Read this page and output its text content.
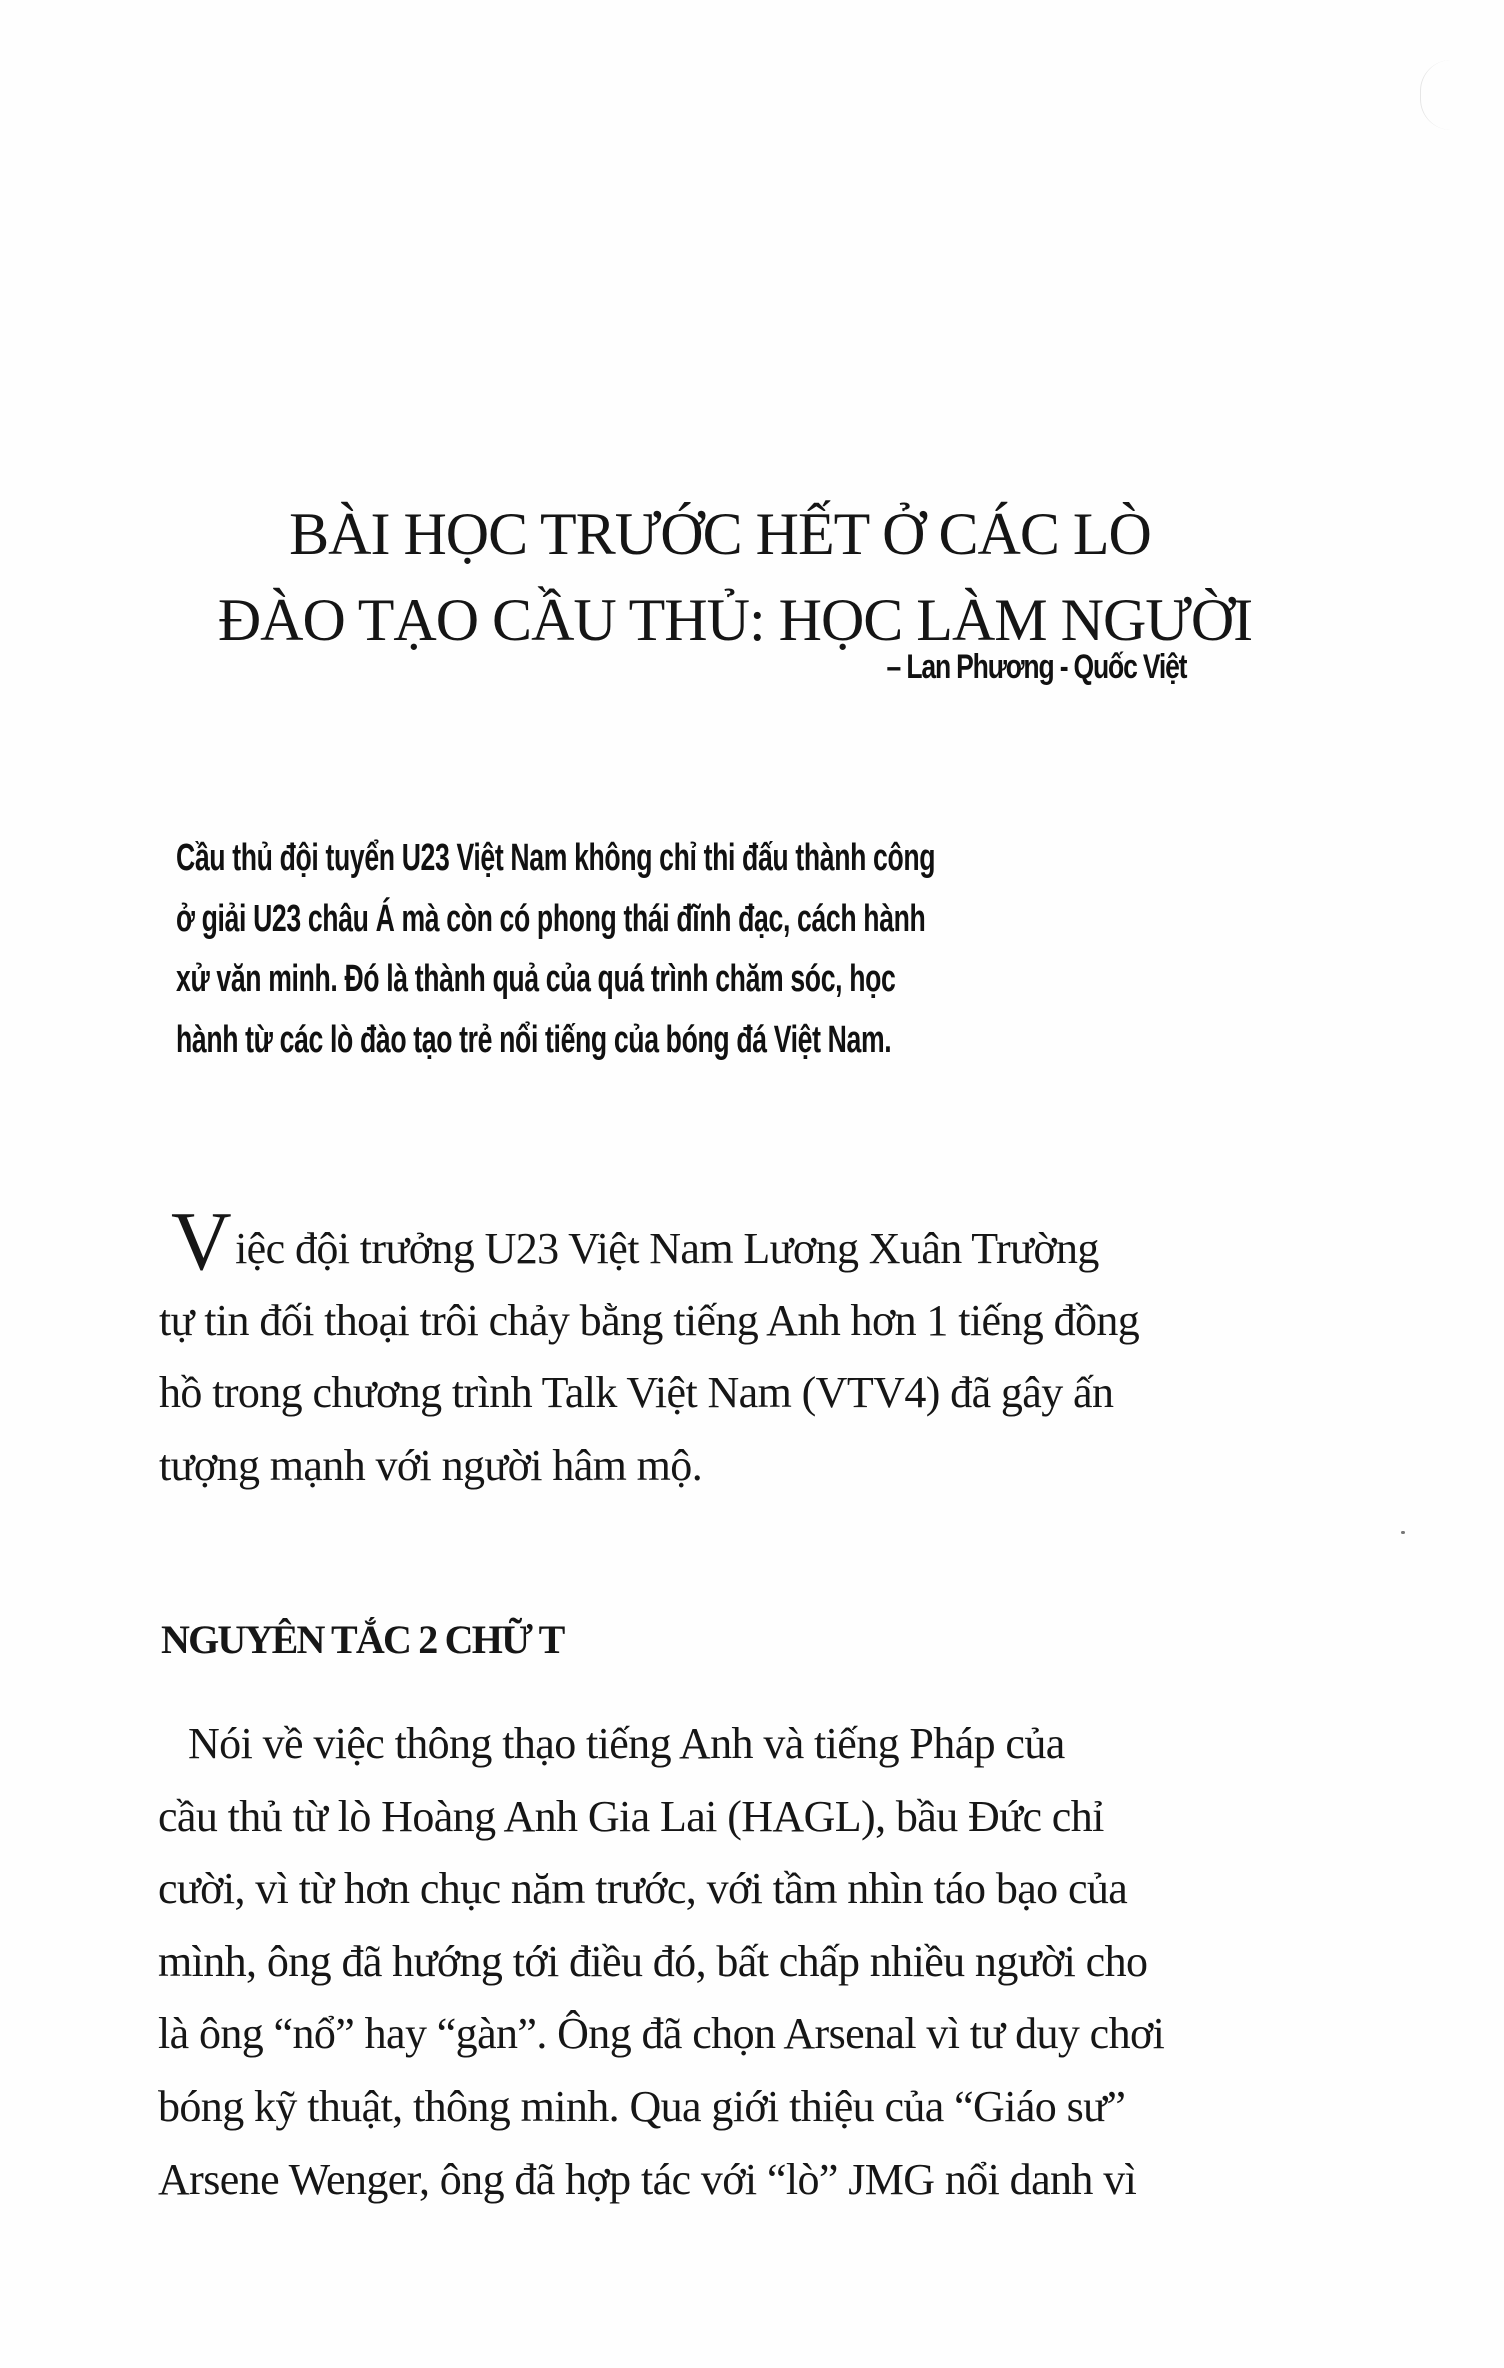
BÀI HỌC TRƯỚC HẾT Ở CÁC LÒ
ĐÀO TẠO CẦU THỦ: HỌC LÀM NGƯỜI
– Lan Phương - Quốc Việt
Cầu thủ đội tuyển U23 Việt Nam không chỉ thi đấu thành công
ở giải U23 châu Á mà còn có phong thái đĩnh đạc, cách hành
xử văn minh. Đó là thành quả của quá trình chăm sóc, học
hành từ các lò đào tạo trẻ nổi tiếng của bóng đá Việt Nam.
Việc đội trưởng U23 Việt Nam Lương Xuân Trường
tự tin đối thoại trôi chảy bằng tiếng Anh hơn 1 tiếng đồng
hồ trong chương trình Talk Việt Nam (VTV4) đã gây ấn
tượng mạnh với người hâm mộ.
NGUYÊN TẮC 2 CHỮ T
Nói về việc thông thạo tiếng Anh và tiếng Pháp của
cầu thủ từ lò Hoàng Anh Gia Lai (HAGL), bầu Đức chỉ
cười, vì từ hơn chục năm trước, với tầm nhìn táo bạo của
mình, ông đã hướng tới điều đó, bất chấp nhiều người cho
là ông “nổ” hay “gàn”. Ông đã chọn Arsenal vì tư duy chơi
bóng kỹ thuật, thông minh. Qua giới thiệu của “Giáo sư”
Arsene Wenger, ông đã hợp tác với “lò” JMG nổi danh vì
